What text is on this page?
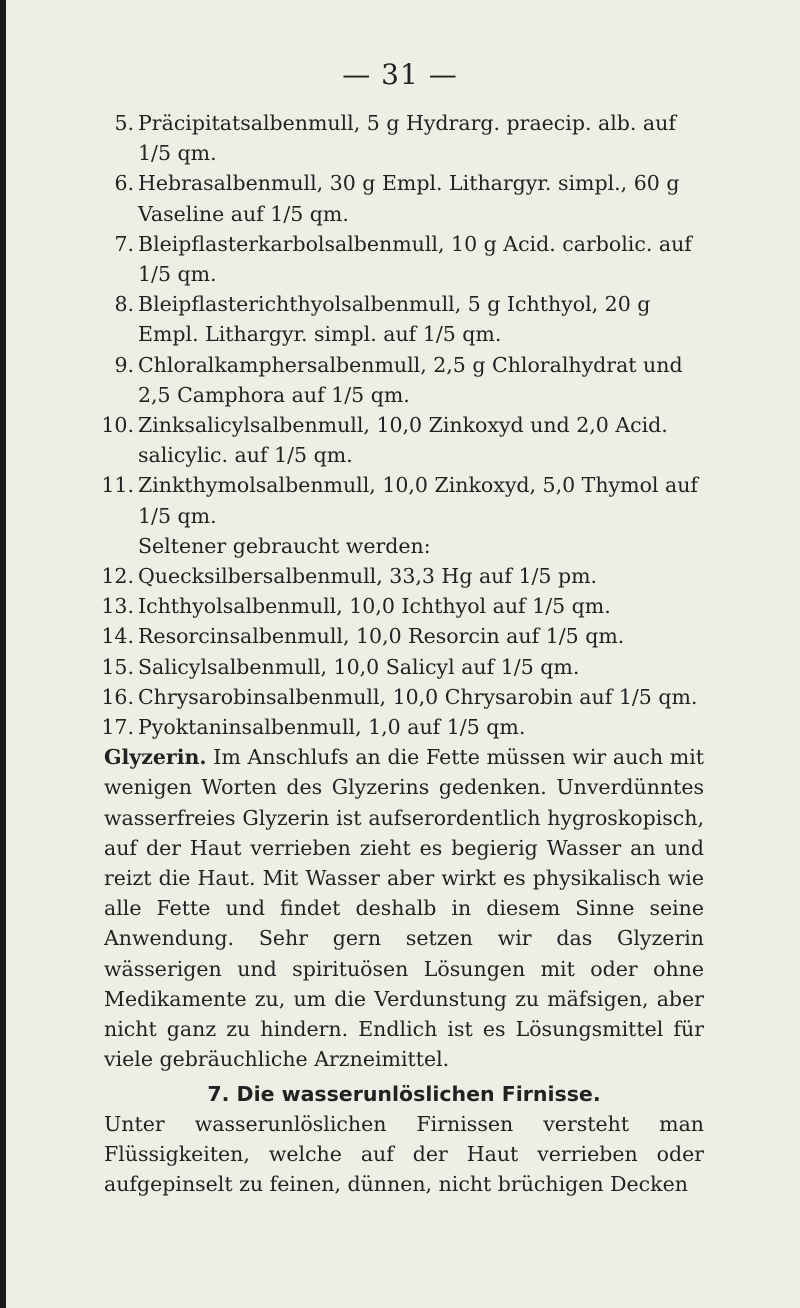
— 31 —
5. Präcipitatsalbenmull, 5 g Hydrarg. praecip. alb. auf 1/5 qm.
6. Hebrasalbenmull, 30 g Empl. Lithargyr. simpl., 60 g Vaseline auf 1/5 qm.
7. Bleipflasterkarbolsalbenmull, 10 g Acid. carbolic. auf 1/5 qm.
8. Bleipflasterichthyolsalbenmull, 5 g Ichthyol, 20 g Empl. Lithargyr. simpl. auf 1/5 qm.
9. Chloralkamphersalbenmull, 2,5 g Chloralhydrat und 2,5 Camphora auf 1/5 qm.
10. Zinksalicylsalbenmull, 10,0 Zinkoxyd und 2,0 Acid. salicylic. auf 1/5 qm.
11. Zinkthymolsalbenmull, 10,0 Zinkoxyd, 5,0 Thymol auf 1/5 qm.
Seltener gebraucht werden:
12. Quecksilbersalbenmull, 33,3 Hg auf 1/5 pm.
13. Ichthyolsalbenmull, 10,0 Ichthyol auf 1/5 qm.
14. Resorcinsalbenmull, 10,0 Resorcin auf 1/5 qm.
15. Salicylsalbenmull, 10,0 Salicyl auf 1/5 qm.
16. Chrysarobinsalbenmull, 10,0 Chrysarobin auf 1/5 qm.
17. Pyoktaninsalbenmull, 1,0 auf 1/5 qm.

Glyzerin. Im Anschlufs an die Fette müssen wir auch mit wenigen Worten des Glyzerins gedenken. Unverdünntes wasserfreies Glyzerin ist aufserordentlich hygroskopisch, auf der Haut verrieben zieht es begierig Wasser an und reizt die Haut. Mit Wasser aber wirkt es physikalisch wie alle Fette und findet deshalb in diesem Sinne seine Anwendung. Sehr gern setzen wir das Glyzerin wässerigen und spirituösen Lösungen mit oder ohne Medikamente zu, um die Verdunstung zu mäfsigen, aber nicht ganz zu hindern. Endlich ist es Lösungsmittel für viele gebräuchliche Arzneimittel.

7. Die wasserunlöslichen Firnisse.

Unter wasserunlöslichen Firnissen versteht man Flüssigkeiten, welche auf der Haut verrieben oder aufgepinselt zu feinen, dünnen, nicht brüchigen Decken
